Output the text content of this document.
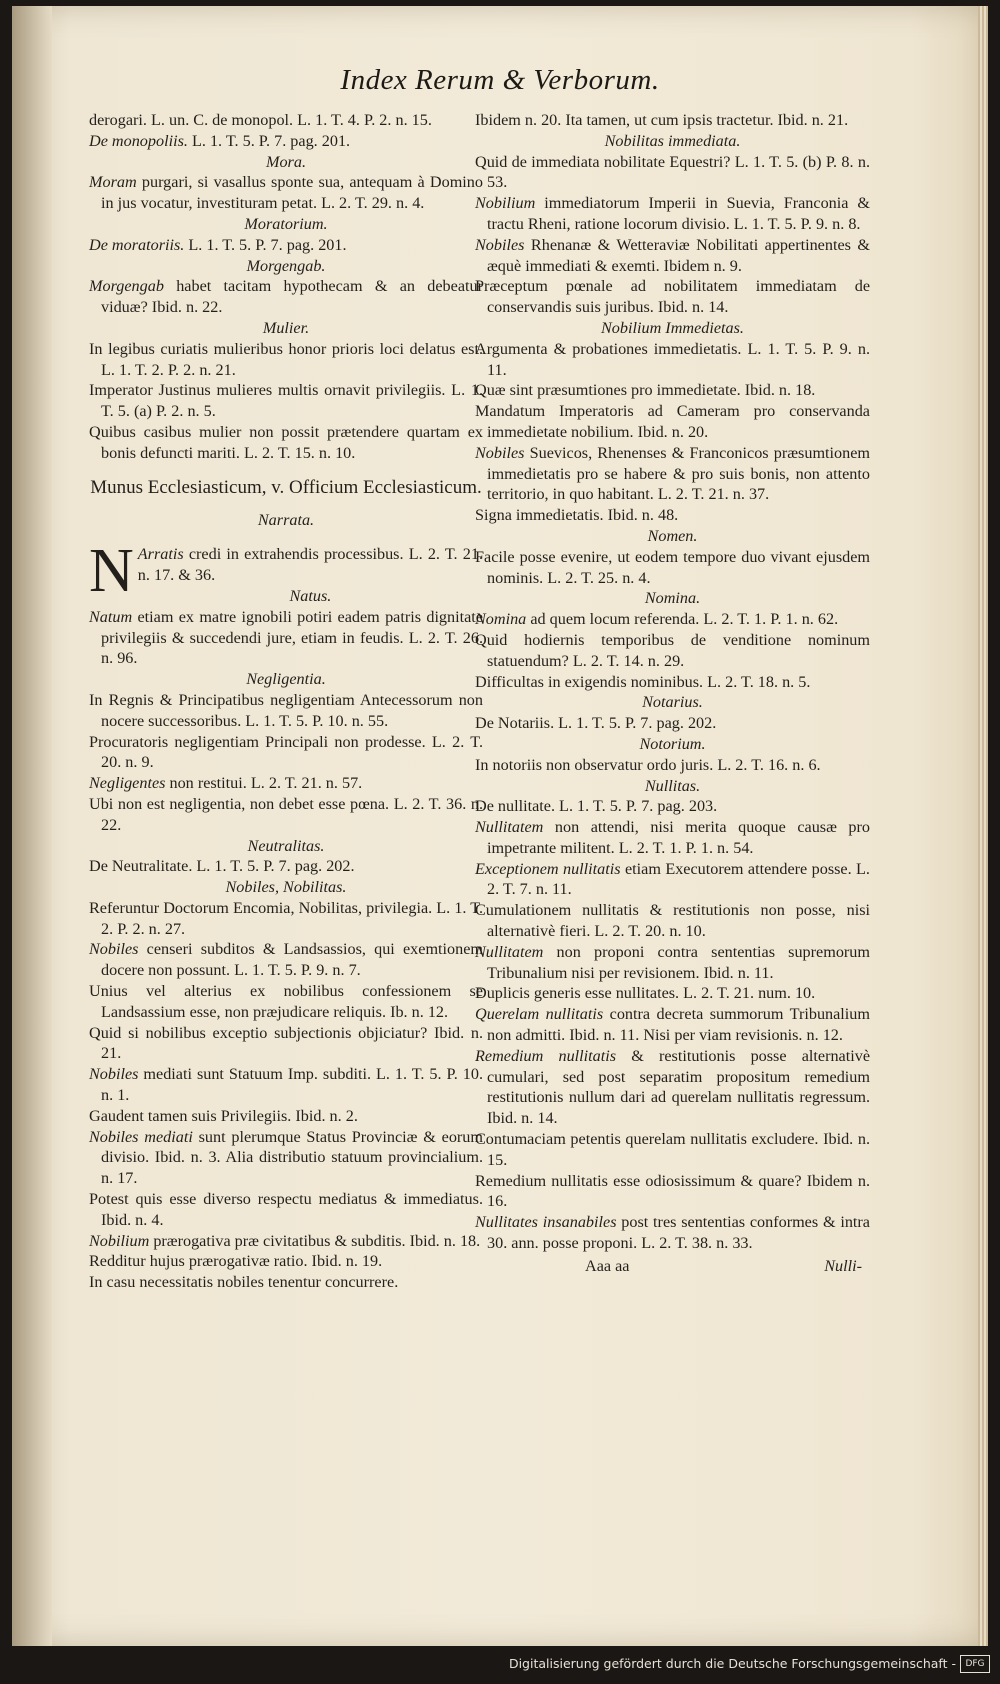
Index Rerum & Verborum.

derogari. L. un. C. de monopol. L. 1. T. 4. P. 2. n. 15.

De monopoliis. L. 1. T. 5. P. 7. pag. 201.

Mora.

Moram purgari, si vasallus sponte sua, antequam à Domino in jus vocatur, investituram petat. L. 2. T. 29. n. 4.

Moratorium.

De moratoriis. L. 1. T. 5. P. 7. pag. 201.

Morgengab.

Morgengab habet tacitam hypothecam & an debeatur viduæ? Ibid. n. 22.

Mulier.

In legibus curiatis mulieribus honor prioris loci delatus est. L. 1. T. 2. P. 2. n. 21.

Imperator Justinus mulieres multis ornavit privilegiis. L. 1. T. 5. (a) P. 2. n. 5.

Quibus casibus mulier non possit prætendere quartam ex bonis defuncti mariti. L. 2. T. 15. n. 10.

Munus Ecclesiasticum, v. Officium Ecclesiasticum.

Narrata.

N Arratis credi in extrahendis processibus. L. 2. T. 21. n. 17. & 36.

Natus.

Natum etiam ex matre ignobili potiri eadem patris dignitate privilegiis & succedendi jure, etiam in feudis. L. 2. T. 26. n. 96.

Negligentia.

In Regnis & Principatibus negligentiam Antecessorum non nocere successoribus. L. 1. T. 5. P. 10. n. 55.

Procuratoris negligentiam Principali non prodesse. L. 2. T. 20. n. 9.

Negligentes non restitui. L. 2. T. 21. n. 57.

Ubi non est negligentia, non debet esse pœna. L. 2. T. 36. n. 22.

Neutralitas.

De Neutralitate. L. 1. T. 5. P. 7. pag. 202.

Nobiles, Nobilitas.

Referuntur Doctorum Encomia, Nobilitas, privilegia. L. 1. T. 2. P. 2. n. 27.

Nobiles censeri subditos & Landsassios, qui exemtionem docere non possunt. L. 1. T. 5. P. 9. n. 7.

Unius vel alterius ex nobilibus confessionem se Landsassium esse, non præjudicare reliquis. Ib. n. 12.

Quid si nobilibus exceptio subjectionis objiciatur? Ibid. n. 21.

Nobiles mediati sunt Statuum Imp. subditi. L. 1. T. 5. P. 10. n. 1.

Gaudent tamen suis Privilegiis. Ibid. n. 2.

Nobiles mediati sunt plerumque Status Provinciæ & eorum divisio. Ibid. n. 3. Alia distributio statuum provincialium. n. 17.

Potest quis esse diverso respectu mediatus & immediatus. Ibid. n. 4.

Nobilium prærogativa præ civitatibus & subditis. Ibid. n. 18.

Redditur hujus prærogativæ ratio. Ibid. n. 19.

In casu necessitatis nobiles tenentur concurrere.

Ibidem n. 20. Ita tamen, ut cum ipsis tractetur. Ibid. n. 21.

Nobilitas immediata.

Quid de immediata nobilitate Equestri? L. 1. T. 5. (b) P. 8. n. 53.

Nobilium immediatorum Imperii in Suevia, Franconia & tractu Rheni, ratione locorum divisio. L. 1. T. 5. P. 9. n. 8.

Nobiles Rhenanæ & Wetteraviæ Nobilitati appertinentes & æquè immediati & exemti. Ibidem n. 9.

Præceptum pœnale ad nobilitatem immediatam de conservandis suis juribus. Ibid. n. 14.

Nobilium Immedietas.

Argumenta & probationes immedietatis. L. 1. T. 5. P. 9. n. 11.

Quæ sint præsumtiones pro immedietate. Ibid. n. 18.

Mandatum Imperatoris ad Cameram pro conservanda immedietate nobilium. Ibid. n. 20.

Nobiles Suevicos, Rhenenses & Franconicos præsumtionem immedietatis pro se habere & pro suis bonis, non attento territorio, in quo habitant. L. 2. T. 21. n. 37.

Signa immedietatis. Ibid. n. 48.

Nomen.

Facile posse evenire, ut eodem tempore duo vivant ejusdem nominis. L. 2. T. 25. n. 4.

Nomina.

Nomina ad quem locum referenda. L. 2. T. 1. P. 1. n. 62.

Quid hodiernis temporibus de venditione nominum statuendum? L. 2. T. 14. n. 29.

Difficultas in exigendis nominibus. L. 2. T. 18. n. 5.

Notarius.

De Notariis. L. 1. T. 5. P. 7. pag. 202.

Notorium.

In notoriis non observatur ordo juris. L. 2. T. 16. n. 6.

Nullitas.

De nullitate. L. 1. T. 5. P. 7. pag. 203.

Nullitatem non attendi, nisi merita quoque causæ pro impetrante militent. L. 2. T. 1. P. 1. n. 54.

Exceptionem nullitatis etiam Executorem attendere posse. L. 2. T. 7. n. 11.

Cumulationem nullitatis & restitutionis non posse, nisi alternativè fieri. L. 2. T. 20. n. 10.

Nullitatem non proponi contra sententias supremorum Tribunalium nisi per revisionem. Ibid. n. 11.

Duplicis generis esse nullitates. L. 2. T. 21. num. 10.

Querelam nullitatis contra decreta summorum Tribunalium non admitti. Ibid. n. 11. Nisi per viam revisionis. n. 12.

Remedium nullitatis & restitutionis posse alternativè cumulari, sed post separatim propositum remedium restitutionis nullum dari ad querelam nullitatis regressum. Ibid. n. 14.

Contumaciam petentis querelam nullitatis excludere. Ibid. n. 15.

Remedium nullitatis esse odiosissimum & quare? Ibidem n. 16.

Nullitates insanabiles post tres sententias conformes & intra 30. ann. posse proponi. L. 2. T. 38. n. 33.

Aaa aa	Nulli-
Digitalisierung gefördert durch die Deutsche Forschungsgemeinschaft -	DFG
